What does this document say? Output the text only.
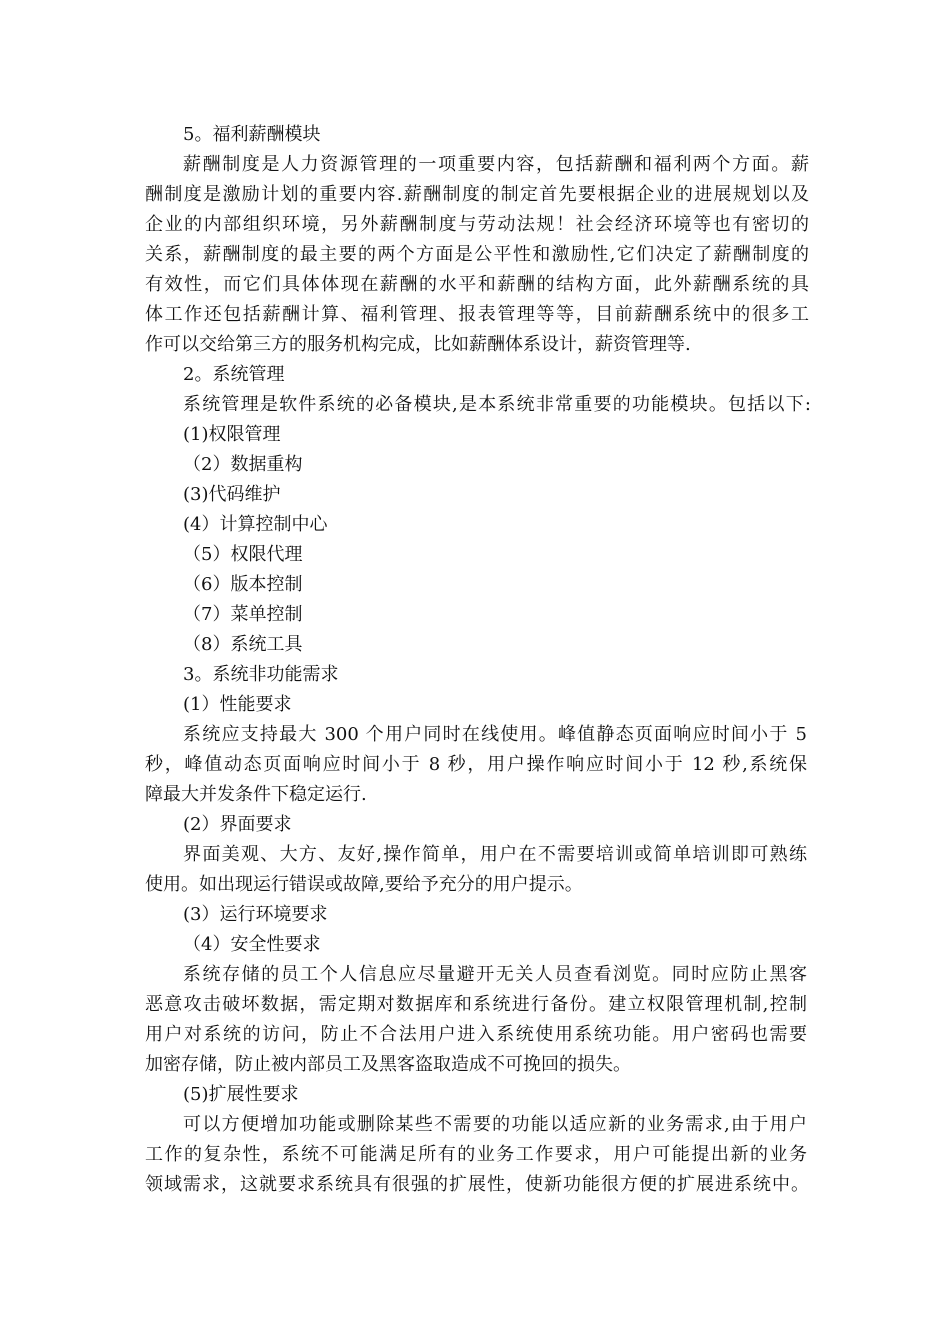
5。福利薪酬模块
薪酬制度是人力资源管理的一项重要内容，包括薪酬和福利两个方面。薪
酬制度是激励计划的重要内容.薪酬制度的制定首先要根据企业的进展规划以及
企业的内部组织环境，另外薪酬制度与劳动法规！社会经济环境等也有密切的
关系，薪酬制度的最主要的两个方面是公平性和激励性,它们决定了薪酬制度的
有效性，而它们具体体现在薪酬的水平和薪酬的结构方面，此外薪酬系统的具
体工作还包括薪酬计算、福利管理、报表管理等等，目前薪酬系统中的很多工
作可以交给第三方的服务机构完成，比如薪酬体系设计，薪资管理等.
2。系统管理
系统管理是软件系统的必备模块,是本系统非常重要的功能模块。包括以下:
(1)权限管理
（2）数据重构
(3)代码维护
(4）计算控制中心
（5）权限代理
（6）版本控制
（7）菜单控制
（8）系统工具
3。系统非功能需求
(1）性能要求
系统应支持最大 300 个用户同时在线使用。峰值静态页面响应时间小于 5
秒，峰值动态页面响应时间小于 8 秒，用户操作响应时间小于 12 秒,系统保
障最大并发条件下稳定运行.
(2）界面要求
界面美观、大方、友好,操作简单，用户在不需要培训或简单培训即可熟练
使用。如出现运行错误或故障,要给予充分的用户提示。
(3）运行环境要求
（4）安全性要求
系统存储的员工个人信息应尽量避开无关人员查看浏览。同时应防止黑客
恶意攻击破坏数据，需定期对数据库和系统进行备份。建立权限管理机制,控制
用户对系统的访问，防止不合法用户进入系统使用系统功能。用户密码也需要
加密存储，防止被内部员工及黑客盗取造成不可挽回的损失。
(5)扩展性要求
可以方便增加功能或删除某些不需要的功能以适应新的业务需求,由于用户
工作的复杂性，系统不可能满足所有的业务工作要求，用户可能提出新的业务
领域需求，这就要求系统具有很强的扩展性，使新功能很方便的扩展进系统中。
